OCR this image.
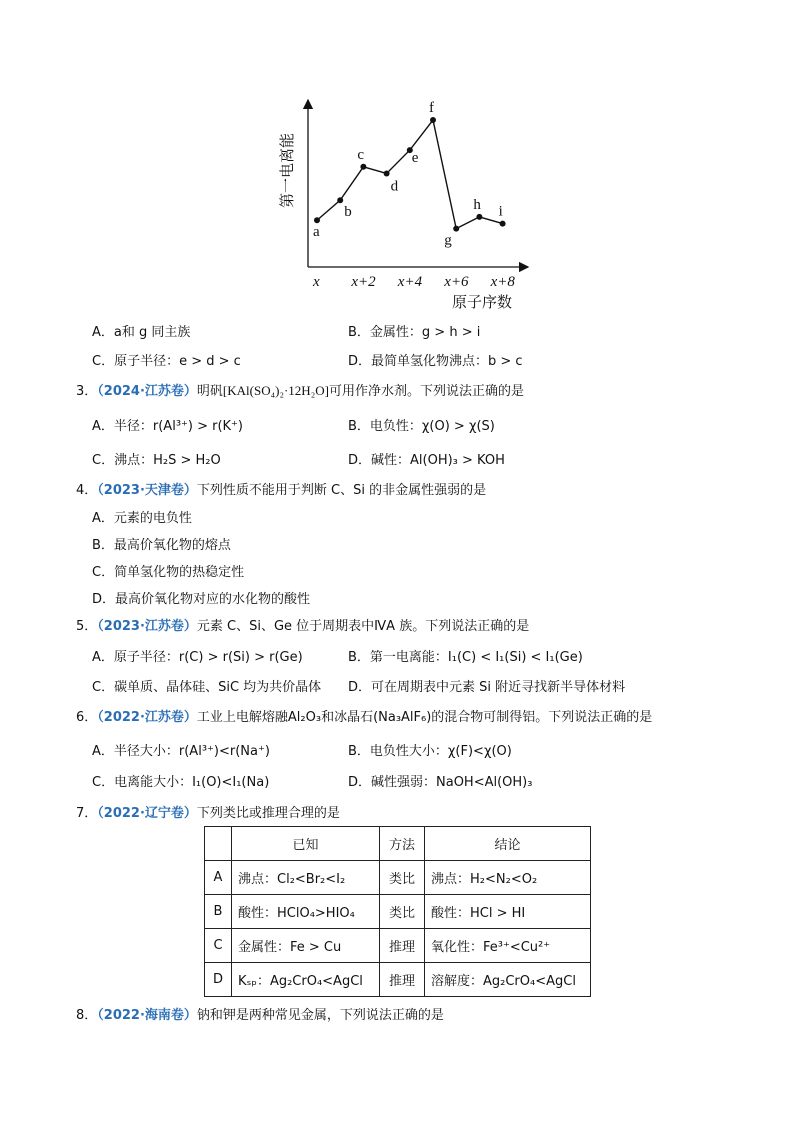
第一电离能
原子序数
x x+2 x+4 x+6 x+8
a
b
c
d
e
f
g
h i
A．a和 g 同主族	B．金属性：g > h > i
C．原子半径：e > d > c	D．最简单氢化物沸点：b > c
3．（2024·江苏卷）明矾[KAl(SO₄)₂·12H₂O]可用作净水剂。下列说法正确的是
A．半径：r(Al³⁺) > r(K⁺)	B．电负性：χ(O) > χ(S)
C．沸点：H₂S > H₂O	D．碱性：Al(OH)₃ > KOH
4．（2023·天津卷）下列性质不能用于判断 C、Si 的非金属性强弱的是
A．元素的电负性
B．最高价氧化物的熔点
C．简单氢化物的热稳定性
D．最高价氧化物对应的水化物的酸性
5．（2023·江苏卷）元素 C、Si、Ge 位于周期表中ⅣA 族。下列说法正确的是
A．原子半径：r(C) > r(Si) > r(Ge)	B．第一电离能：I₁(C) < I₁(Si) < I₁(Ge)
C．碳单质、晶体硅、SiC 均为共价晶体 D．可在周期表中元素 Si 附近寻找新半导体材料
6．（2022·江苏卷）工业上电解熔融Al₂O₃和冰晶石(Na₃AlF₆)的混合物可制得铝。下列说法正确的是
A．半径大小：r(Al³⁺)<r(Na⁺)	B．电负性大小：χ(F)<χ(O)
C．电离能大小：I₁(O)<I₁(Na)	D．碱性强弱：NaOH<Al(OH)₃
7．（2022·辽宁卷）下列类比或推理合理的是
	已知	方法	结论
A	沸点：Cl₂<Br₂<I₂	类比	沸点：H₂<N₂<O₂
B	酸性：HClO₄>HIO₄	类比	酸性：HCl > HI
C	金属性：Fe > Cu	推理	氧化性：Fe³⁺<Cu²⁺
D	Kₛₚ：Ag₂CrO₄<AgCl	推理	溶解度：Ag₂CrO₄<AgCl
8．（2022·海南卷）钠和钾是两种常见金属，下列说法正确的是
